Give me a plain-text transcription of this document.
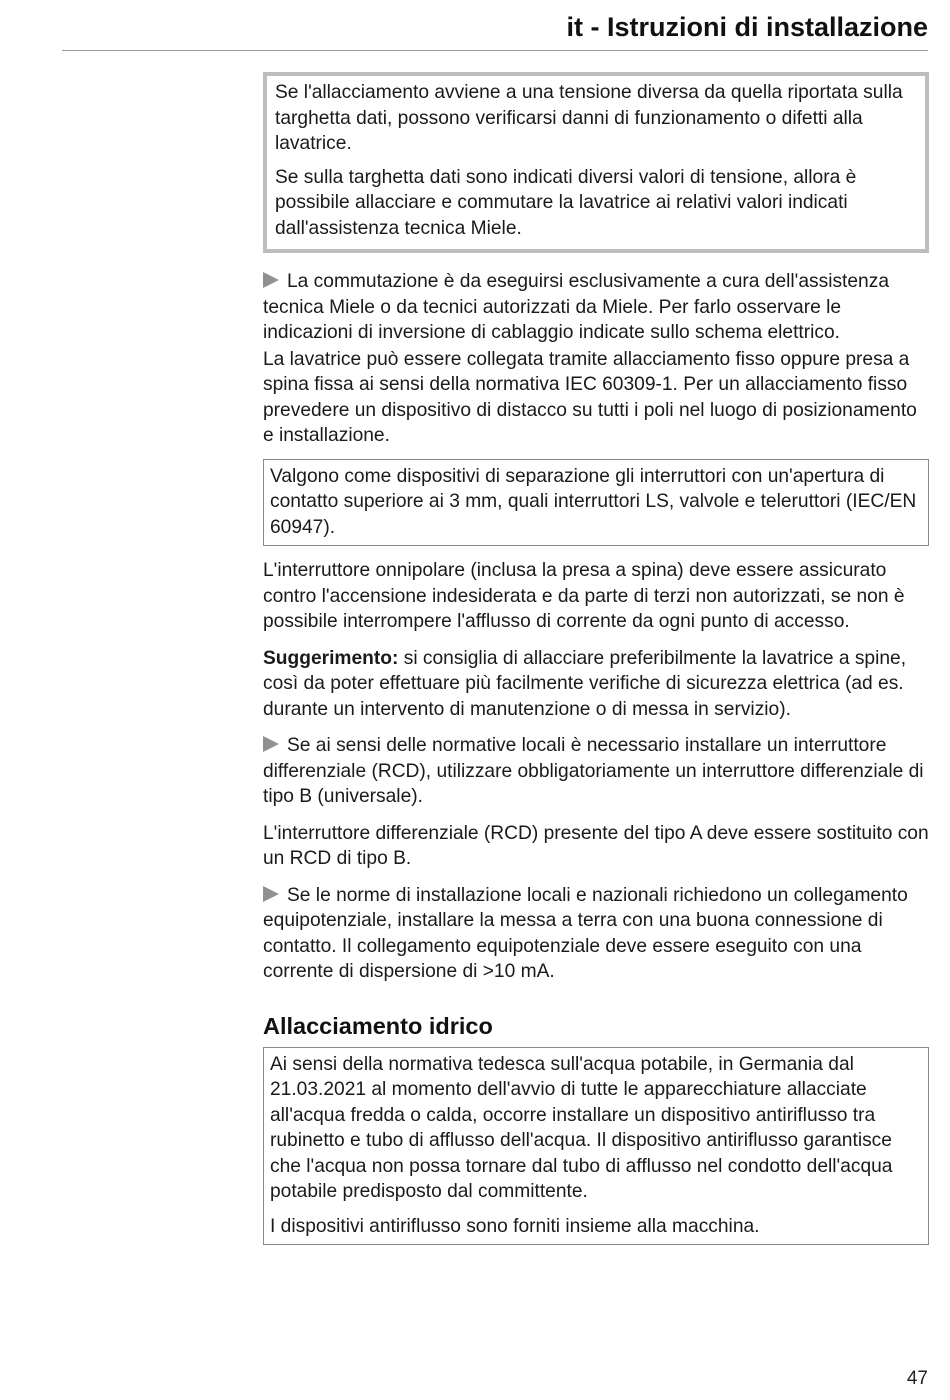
it - Istruzioni di installazione

Se l'allacciamento avviene a una tensione diversa da quella riportata sulla targhetta dati, possono verificarsi danni di funzionamento o difetti alla lavatrice.

Se sulla targhetta dati sono indicati diversi valori di tensione, allora è possibile allacciare e commutare la lavatrice ai relativi valori indicati dall'assistenza tecnica Miele.

La commutazione è da eseguirsi esclusivamente a cura dell'assistenza tecnica Miele o da tecnici autorizzati da Miele. Per farlo osservare le indicazioni di inversione di cablaggio indicate sullo schema elettrico.

La lavatrice può essere collegata tramite allacciamento fisso oppure presa a spina fissa ai sensi della normativa IEC 60309-1. Per un allacciamento fisso prevedere un dispositivo di distacco su tutti i poli nel luogo di posizionamento e installazione.

Valgono come dispositivi di separazione gli interruttori con un'apertura di contatto superiore ai 3 mm, quali interruttori LS, valvole e teleruttori (IEC/EN 60947).

L'interruttore onnipolare (inclusa la presa a spina) deve essere assicurato contro l'accensione indesiderata e da parte di terzi non autorizzati, se non è possibile interrompere l'afflusso di corrente da ogni punto di accesso.

Suggerimento: si consiglia di allacciare preferibilmente la lavatrice a spine, così da poter effettuare più facilmente verifiche di sicurezza elettrica (ad es. durante un intervento di manutenzione o di messa in servizio).

Se ai sensi delle normative locali è necessario installare un interruttore differenziale (RCD), utilizzare obbligatoriamente un interruttore differenziale di tipo B (universale).

L'interruttore differenziale (RCD) presente del tipo A deve essere sostituito con un RCD di tipo B.

Se le norme di installazione locali e nazionali richiedono un collegamento equipotenziale, installare la messa a terra con una buona connessione di contatto. Il collegamento equipotenziale deve essere eseguito con una corrente di dispersione di >10 mA.

Allacciamento idrico

Ai sensi della normativa tedesca sull'acqua potabile, in Germania dal 21.03.2021 al momento dell'avvio di tutte le apparecchiature allacciate all'acqua fredda o calda, occorre installare un dispositivo antiriflusso tra rubinetto e tubo di afflusso dell'acqua. Il dispositivo antiriflusso garantisce che l'acqua non possa tornare dal tubo di afflusso nel condotto dell'acqua potabile predisposto dal committente.

I dispositivi antiriflusso sono forniti insieme alla macchina.

47
